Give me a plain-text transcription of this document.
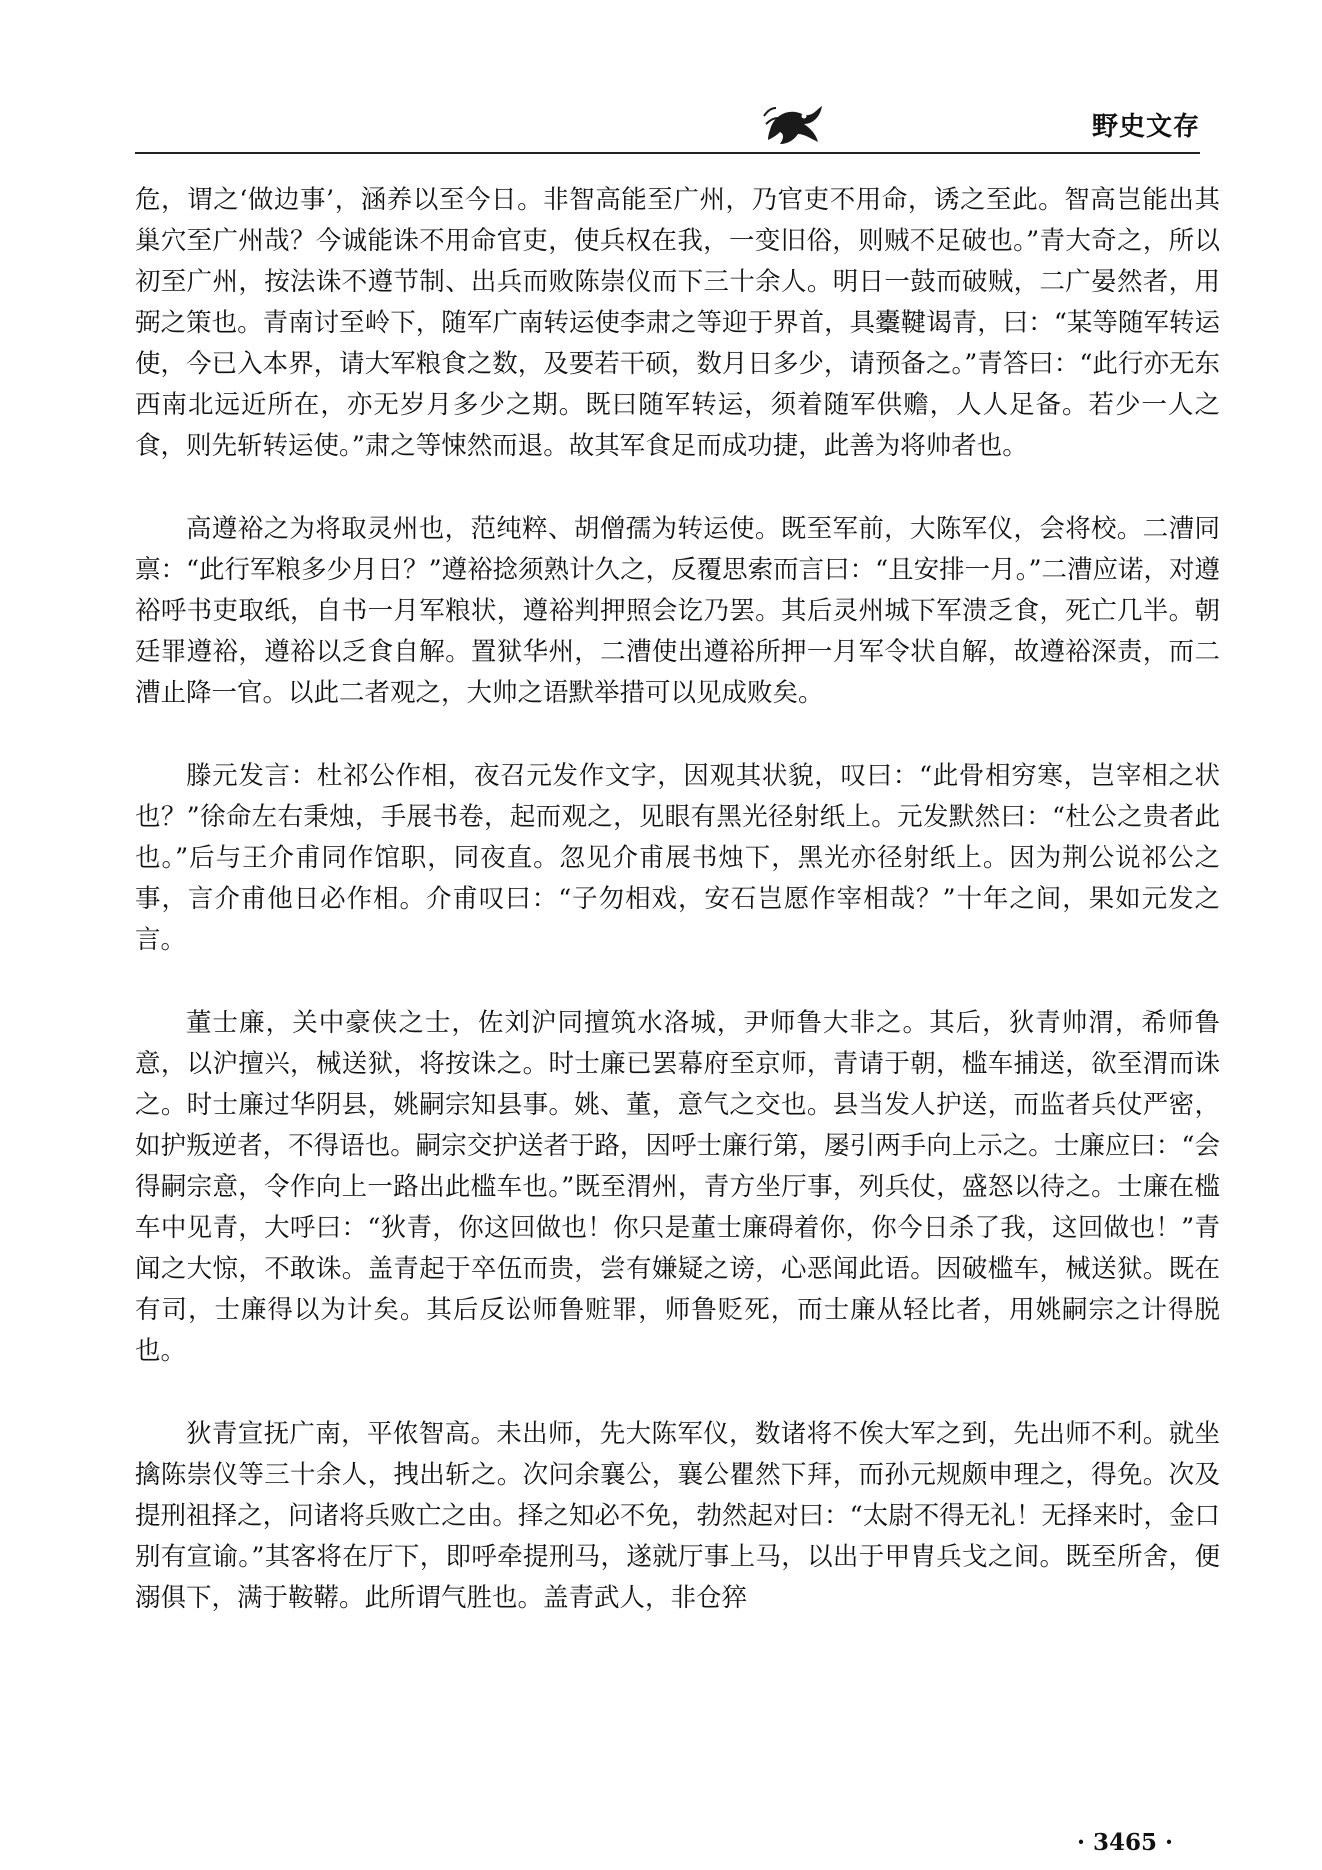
野史文存

危，谓之‘做边事’，涵养以至今日。非智高能至广州，乃官吏不用命，诱之至此。智高岂能出其巢穴至广州哉？今诚能诛不用命官吏，使兵权在我，一变旧俗，则贼不足破也。”青大奇之，所以初至广州，按法诛不遵节制、出兵而败陈崇仪而下三十余人。明日一鼓而破贼，二广晏然者，用弼之策也。青南讨至岭下，随军广南转运使李肃之等迎于界首，具櫜鞬谒青，曰：“某等随军转运使，今已入本界，请大军粮食之数，及要若干硕，数月日多少，请预备之。”青答曰：“此行亦无东西南北远近所在，亦无岁月多少之期。既曰随军转运，须着随军供赡，人人足备。若少一人之食，则先斩转运使。”肃之等悚然而退。故其军食足而成功捷，此善为将帅者也。

高遵裕之为将取灵州也，范纯粹、胡僧孺为转运使。既至军前，大陈军仪，会将校。二漕同禀：“此行军粮多少月日？”遵裕捻须熟计久之，反覆思索而言曰：“且安排一月。”二漕应诺，对遵裕呼书吏取纸，自书一月军粮状，遵裕判押照会讫乃罢。其后灵州城下军溃乏食，死亡几半。朝廷罪遵裕，遵裕以乏食自解。置狱华州，二漕使出遵裕所押一月军令状自解，故遵裕深责，而二漕止降一官。以此二者观之，大帅之语默举措可以见成败矣。

滕元发言：杜祁公作相，夜召元发作文字，因观其状貌，叹曰：“此骨相穷寒，岂宰相之状也？”徐命左右秉烛，手展书卷，起而观之，见眼有黑光径射纸上。元发默然曰：“杜公之贵者此也。”后与王介甫同作馆职，同夜直。忽见介甫展书烛下，黑光亦径射纸上。因为荆公说祁公之事，言介甫他日必作相。介甫叹曰：“子勿相戏，安石岂愿作宰相哉？”十年之间，果如元发之言。

董士廉，关中豪侠之士，佐刘沪同擅筑水洛城，尹师鲁大非之。其后，狄青帅渭，希师鲁意，以沪擅兴，械送狱，将按诛之。时士廉已罢幕府至京师，青请于朝，槛车捕送，欲至渭而诛之。时士廉过华阴县，姚嗣宗知县事。姚、董，意气之交也。县当发人护送，而监者兵仗严密，如护叛逆者，不得语也。嗣宗交护送者于路，因呼士廉行第，屡引两手向上示之。士廉应曰：“会得嗣宗意，令作向上一路出此槛车也。”既至渭州，青方坐厅事，列兵仗，盛怒以待之。士廉在槛车中见青，大呼曰：“狄青，你这回做也！你只是董士廉碍着你，你今日杀了我，这回做也！”青闻之大惊，不敢诛。盖青起于卒伍而贵，尝有嫌疑之谤，心恶闻此语。因破槛车，械送狱。既在有司，士廉得以为计矣。其后反讼师鲁赃罪，师鲁贬死，而士廉从轻比者，用姚嗣宗之计得脱也。

狄青宣抚广南，平侬智高。未出师，先大陈军仪，数诸将不俟大军之到，先出师不利。就坐擒陈崇仪等三十余人，拽出斩之。次问余襄公，襄公瞿然下拜，而孙元规颇申理之，得免。次及提刑祖择之，问诸将兵败亡之由。择之知必不免，勃然起对曰：“太尉不得无礼！无择来时，金口别有宣谕。”其客将在厅下，即呼牵提刑马，遂就厅事上马，以出于甲胄兵戈之间。既至所舍，便溺俱下，满于鞍鞯。此所谓气胜也。盖青武人，非仓猝

· 3465 ·
